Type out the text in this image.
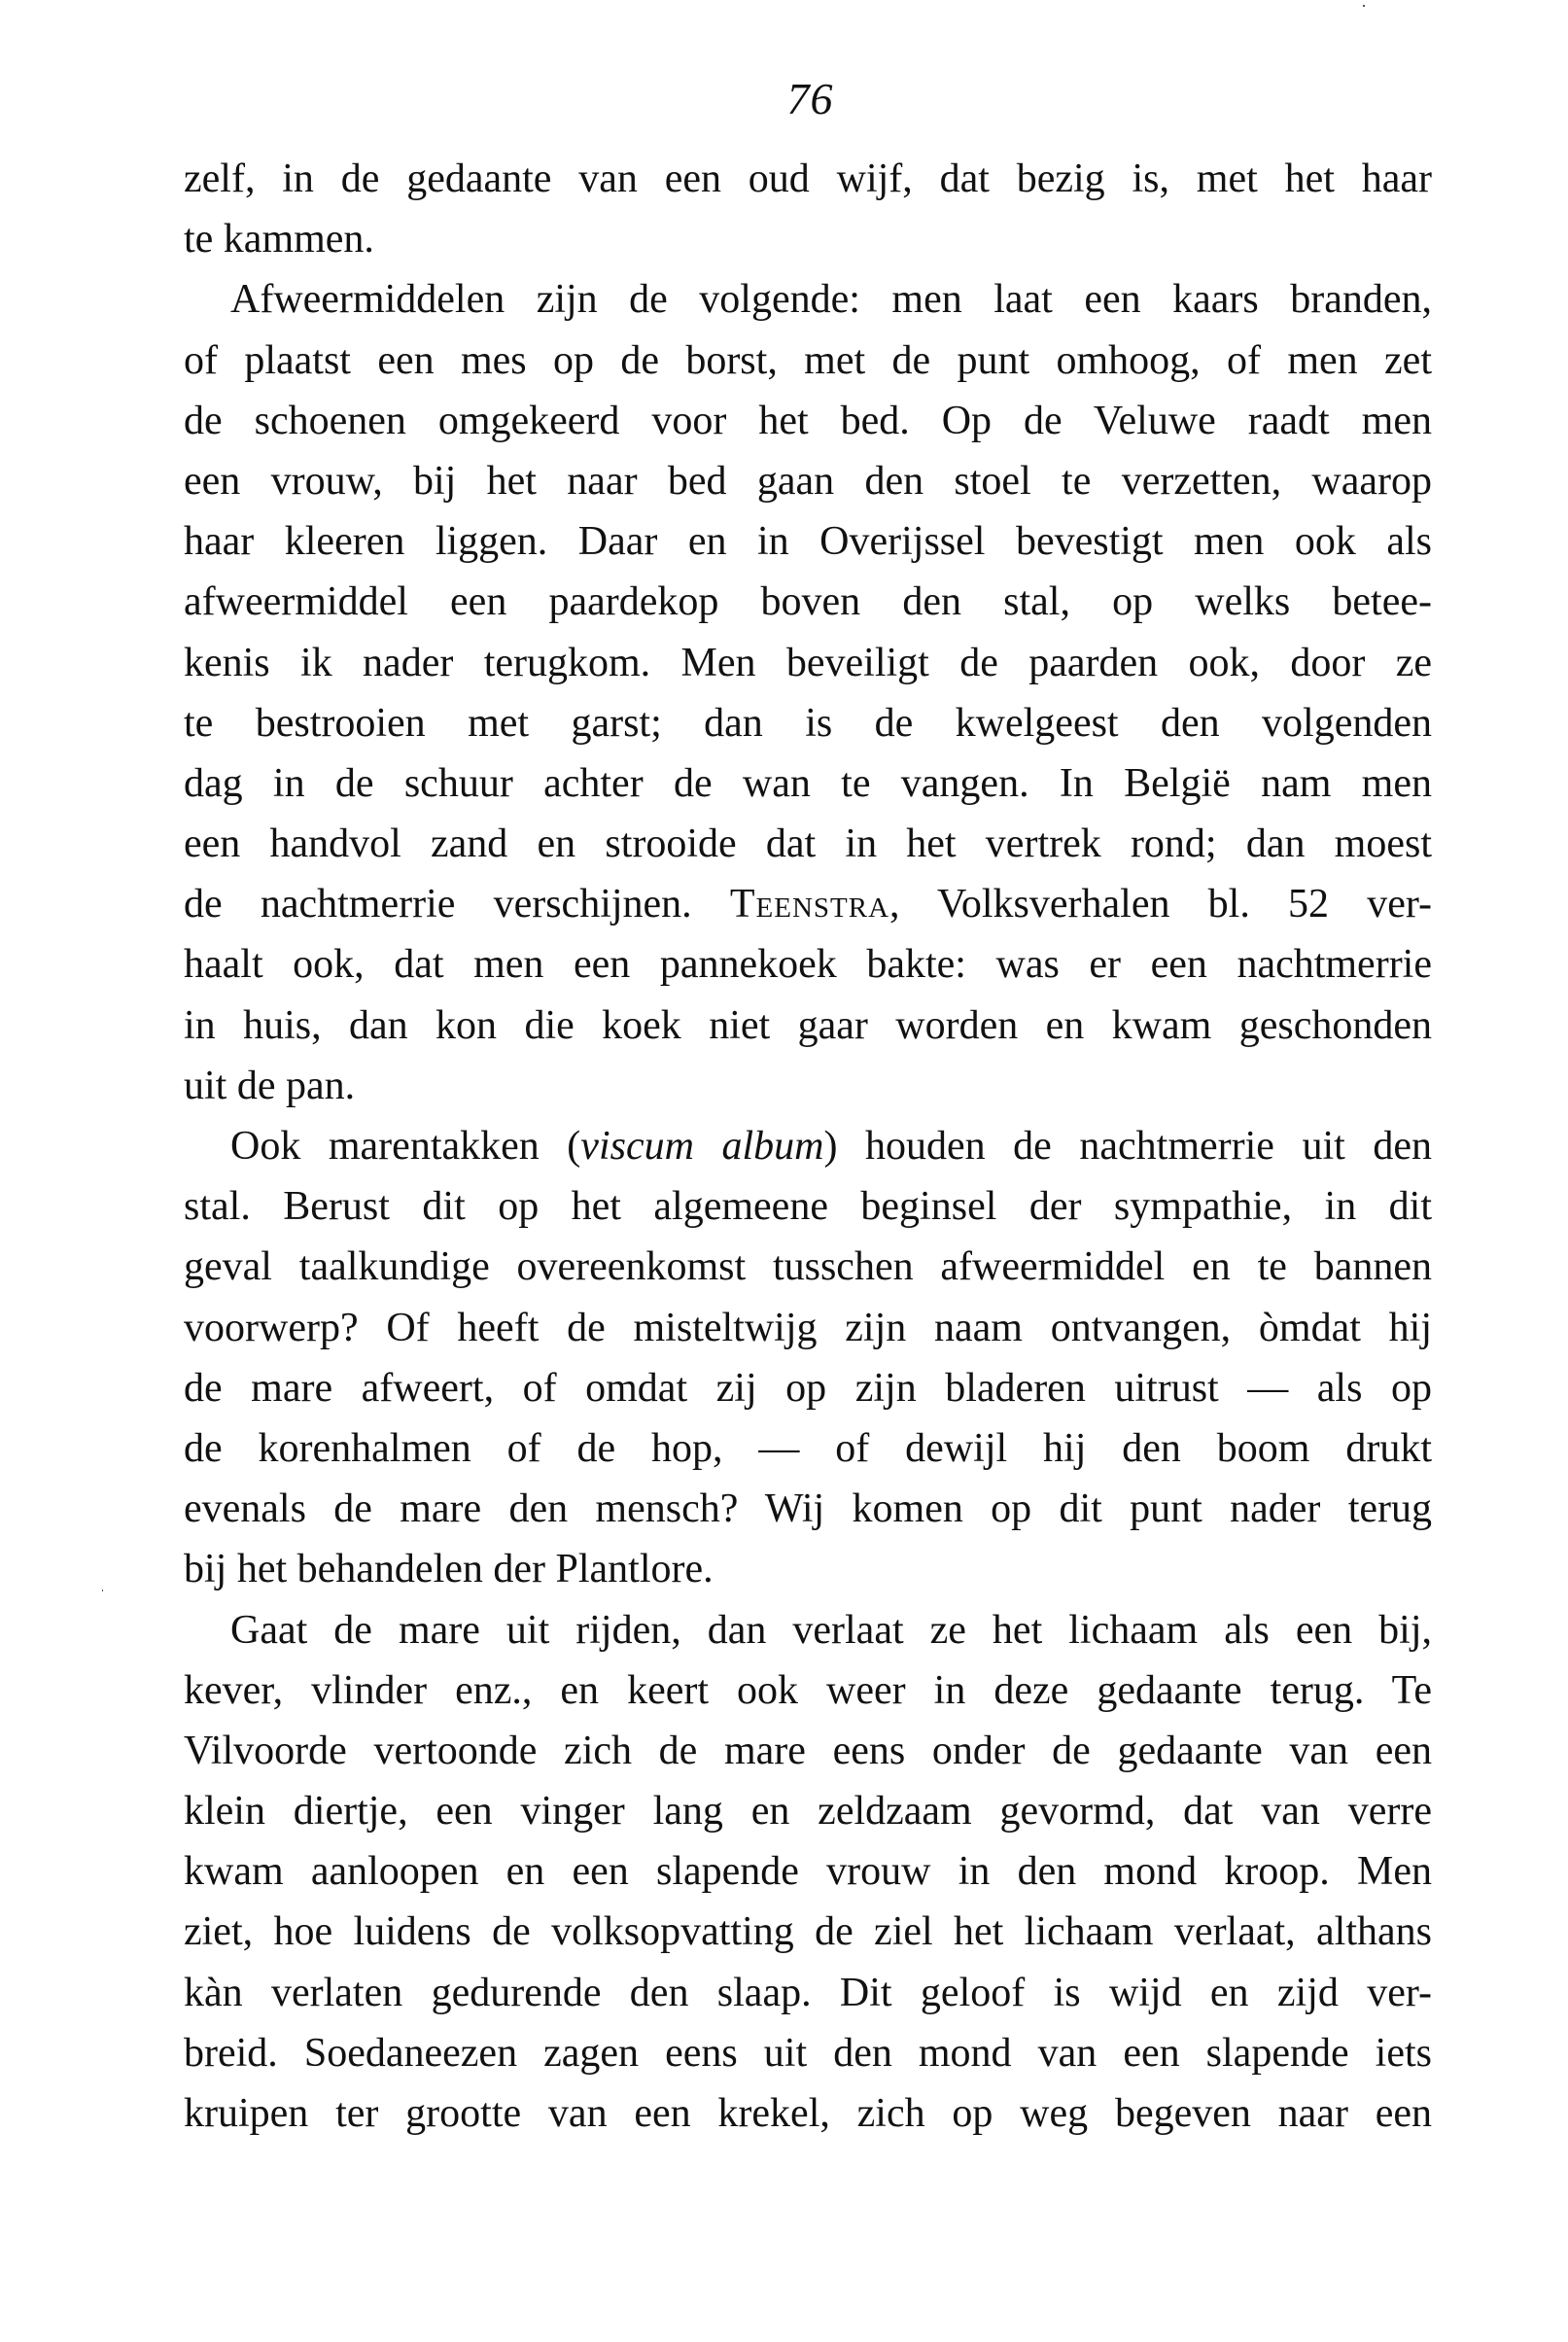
76
zelf, in de gedaante van een oud wijf, dat bezig is, met het haar
te kammen.
Afweermiddelen zijn de volgende: men laat een kaars branden,
of plaatst een mes op de borst, met de punt omhoog, of men zet
de schoenen omgekeerd voor het bed. Op de Veluwe raadt men
een vrouw, bij het naar bed gaan den stoel te verzetten, waarop
haar kleeren liggen. Daar en in Overijssel bevestigt men ook als
afweermiddel een paardekop boven den stal, op welks betee-
kenis ik nader terugkom. Men beveiligt de paarden ook, door ze
te bestrooien met garst; dan is de kwelgeest den volgenden
dag in de schuur achter de wan te vangen. In België nam men
een handvol zand en strooide dat in het vertrek rond; dan moest
de nachtmerrie verschijnen. Teenstra, Volksverhalen bl. 52 ver-
haalt ook, dat men een pannekoek bakte: was er een nachtmerrie
in huis, dan kon die koek niet gaar worden en kwam geschonden
uit de pan.
Ook marentakken (viscum album) houden de nachtmerrie uit den
stal. Berust dit op het algemeene beginsel der sympathie, in dit
geval taalkundige overeenkomst tusschen afweermiddel en te bannen
voorwerp? Of heeft de misteltwijg zijn naam ontvangen, òmdat hij
de mare afweert, of omdat zij op zijn bladeren uitrust — als op
de korenhalmen of de hop, — of dewijl hij den boom drukt
evenals de mare den mensch? Wij komen op dit punt nader terug
bij het behandelen der Plantlore.
Gaat de mare uit rijden, dan verlaat ze het lichaam als een bij,
kever, vlinder enz., en keert ook weer in deze gedaante terug. Te
Vilvoorde vertoonde zich de mare eens onder de gedaante van een
klein diertje, een vinger lang en zeldzaam gevormd, dat van verre
kwam aanloopen en een slapende vrouw in den mond kroop. Men
ziet, hoe luidens de volksopvatting de ziel het lichaam verlaat, althans
kàn verlaten gedurende den slaap. Dit geloof is wijd en zijd ver-
breid. Soedaneezen zagen eens uit den mond van een slapende iets
kruipen ter grootte van een krekel, zich op weg begeven naar een
